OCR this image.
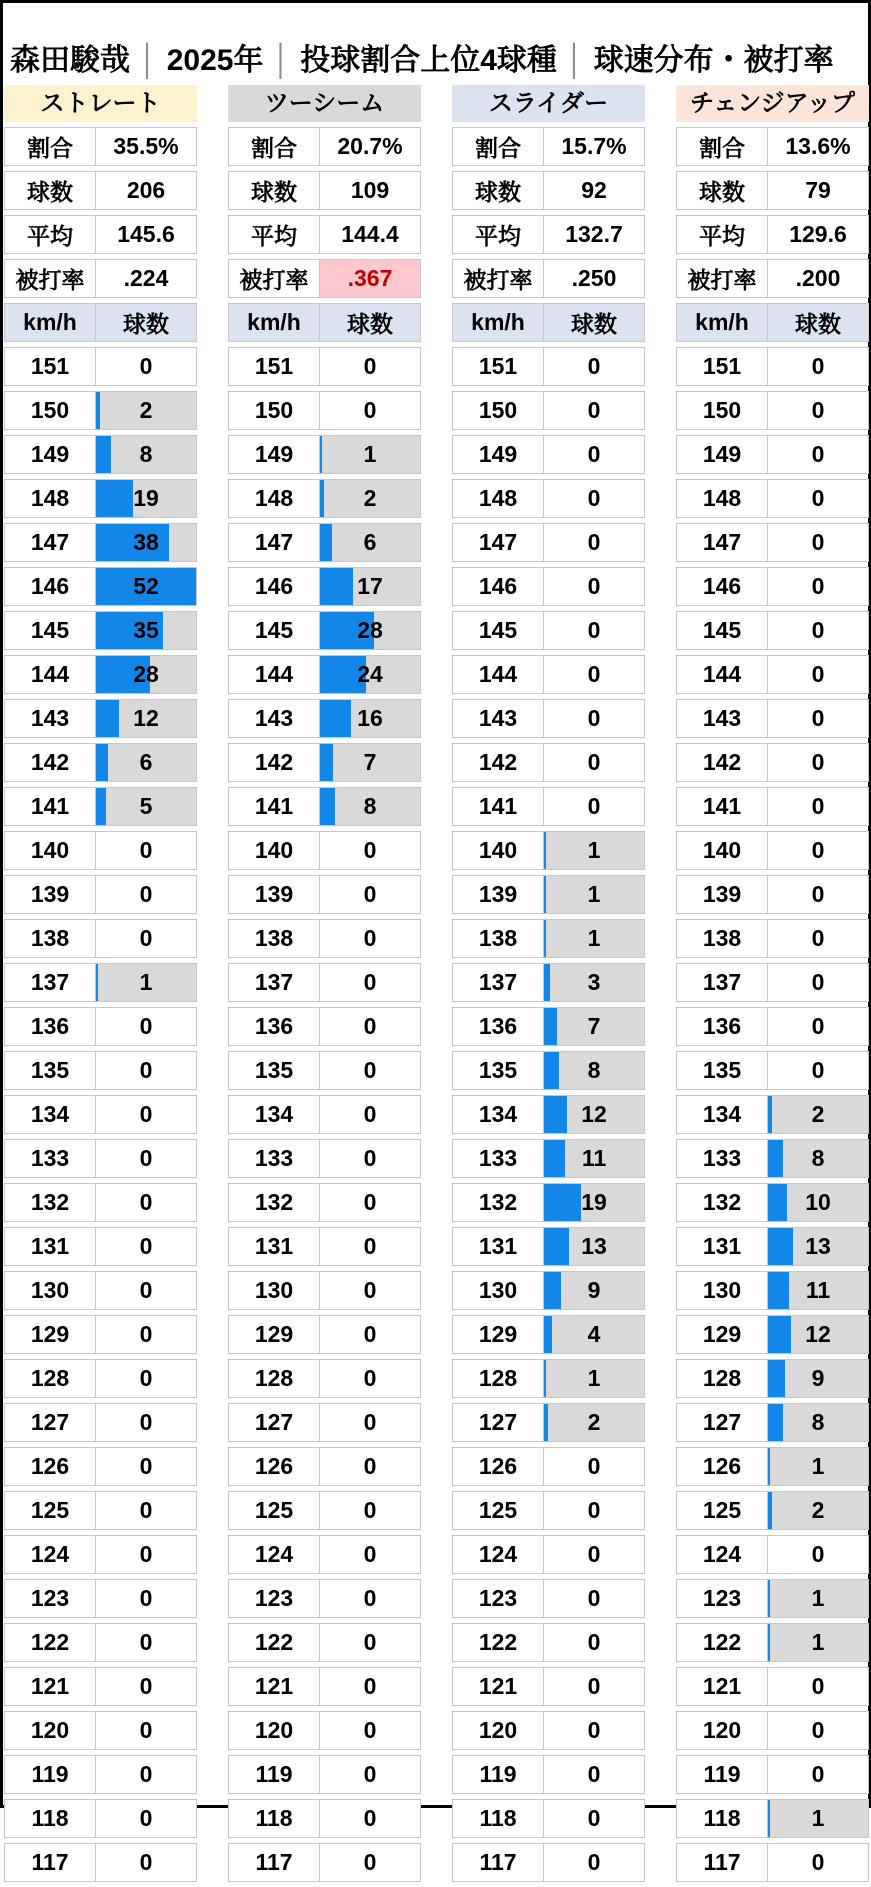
森田駿哉 │ 2025年 │ 投球割合上位4球種 │ 球速分布・被打率
ストレート
割合	35.5%
球数	206
平均	145.6
被打率	.224
km/h	球数
151	0
150	2
149	8
148	19
147	38
146	52
145	35
144	28
143	12
142	6
141	5
140	0
139	0
138	0
137	1
136	0
135	0
134	0
133	0
132	0
131	0
130	0
129	0
128	0
127	0
126	0
125	0
124	0
123	0
122	0
121	0
120	0
119	0
118	0
117	0
ツーシーム
割合	20.7%
球数	109
平均	144.4
被打率	.367
km/h	球数
151	0
150	0
149	1
148	2
147	6
146	17
145	28
144	24
143	16
142	7
141	8
140	0
139	0
138	0
137	0
136	0
135	0
134	0
133	0
132	0
131	0
130	0
129	0
128	0
127	0
126	0
125	0
124	0
123	0
122	0
121	0
120	0
119	0
118	0
117	0
スライダー
割合	15.7%
球数	92
平均	132.7
被打率	.250
km/h	球数
151	0
150	0
149	0
148	0
147	0
146	0
145	0
144	0
143	0
142	0
141	0
140	1
139	1
138	1
137	3
136	7
135	8
134	12
133	11
132	19
131	13
130	9
129	4
128	1
127	2
126	0
125	0
124	0
123	0
122	0
121	0
120	0
119	0
118	0
117	0
チェンジアップ
割合	13.6%
球数	79
平均	129.6
被打率	.200
km/h	球数
151	0
150	0
149	0
148	0
147	0
146	0
145	0
144	0
143	0
142	0
141	0
140	0
139	0
138	0
137	0
136	0
135	0
134	2
133	8
132	10
131	13
130	11
129	12
128	9
127	8
126	1
125	2
124	0
123	1
122	1
121	0
120	0
119	0
118	1
117	0
